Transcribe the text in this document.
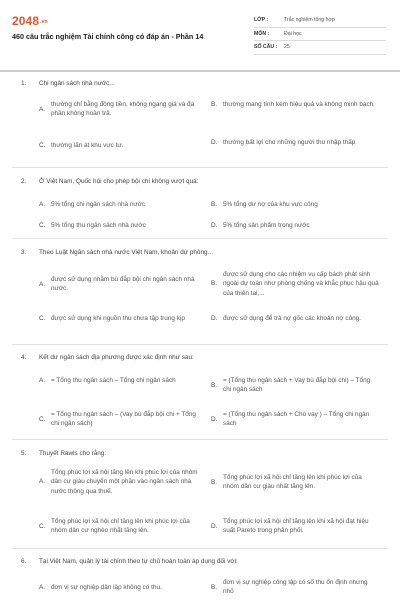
2048.vn
460 câu trắc nghiệm Tài chính công có đáp án - Phần 14
LỚP :	Trắc nghiệm tổng hợp
MÔN :	Đại học
SỐ CÂU :	25
1.	Chi ngân sách nhà nước...
A.
thường chỉ bằng đồng tiền, không ngang giá và đa phần không hoàn trả.
B. thường mang tính kém hiệu quả và không minh bạch.
C. thường lấn át khu vực tư.	D. thường bất lợi cho những người thu nhập thấp
2.	Ở Việt Nam, Quốc hội cho phép bội chi không vượt quá:
A. 5% tổng chi ngân sách nhà nước	B. 5% tổng dư nợ của khu vực công
C. 5% tổng thu ngân sách nhà nước	D. 5% tổng sản phẩm trong nước
3.	Theo Luật Ngân sách nhà nước Việt Nam, khoản dự phòng...
A.
được sử dụng nhằm bù đắp bội chi ngân sách nhà nước.
B.
được sử dụng cho các nhiệm vụ cấp bách phát sinh ngoài dự toán như phòng chống và khắc phục hậu quả của thiên tai,...
C. được sử dụng khi nguồn thu chưa tập trung kịp	D. được sử dụng để trả nợ gốc các khoản nợ công.
4.	Kết dư ngân sách địa phương được xác định như sau:
A. = Tổng thu ngân sách – Tổng chi ngân sách
B.
= (Tổng thu ngân sách + Vay bù đắp bội chi) – Tổng chi ngân sách
C.
= Tổng thu ngân sách – (Vay bù đắp bội chi + Tổng chi ngân sách)
D.
= (Tổng thu ngân sách + Cho vay ) – Tổng chi ngân sách
5.	Thuyết Rawls cho rằng:
A.
Tổng phúc lợi xã hội tăng lên khi phúc lợi của nhóm dân cư giàu chuyển một phần vào ngân sách nhà nước thông qua thuế.
B.
Tổng phúc lợi xã hội chỉ tăng lên khi phúc lợi của nhóm dân cư giàu nhất tăng lên.
C.
Tổng phúc lợi xã hội chỉ tăng lên khi phúc lợi của nhóm dân cư nghèo nhất tăng lên.
D.
Tổng phúc lợi xã hội chỉ tăng lên khi xã hội đạt hiệu suất Pareto trong phân phối.
6.	Tại Việt Nam, quản lý tài chính theo tự chủ hoàn toàn áp dụng đối với:
A. đơn vị sự nghiệp dân lập không có thu.	B.
đơn vị sự nghiệp công lập có số thu ổn định nhưng nhỏ
